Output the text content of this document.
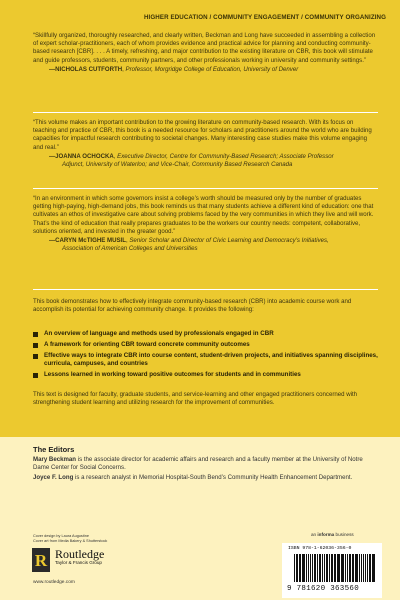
HIGHER EDUCATION / COMMUNITY ENGAGEMENT / COMMUNITY ORGANIZING

“Skillfully organized, thoroughly researched, and clearly written, Beckman and Long have succeeded in assembling a collection of expert scholar-practitioners, each of whom provides evidence and practical advice for planning and conducting community-based research [CBR]. . . . A timely, refreshing, and major contribution to the existing literature on CBR, this book will stimulate and guide professors, students, community partners, and other professionals working in university and community settings.”

—NICHOLAS CUTFORTH, Professor, Morgridge College of Education, University of Denver

“This volume makes an important contribution to the growing literature on community-based research. With its focus on teaching and practice of CBR, this book is a needed resource for scholars and practitioners around the world who are building capacities for impactful research contributing to societal changes. Many interesting case studies make this volume engaging and real.”

—JOANNA OCHOCKA, Executive Director, Centre for Community-Based Research; Associate Professor
Adjunct, University of Waterloo; and Vice-Chair, Community Based Research Canada

“In an environment in which some governors insist a college’s worth should be measured only by the number of graduates getting high-paying, high-demand jobs, this book reminds us that many students achieve a different kind of education: one that cultivates an ethos of investigative care about solving problems faced by the very communities in which they live and will work. That’s the kind of education that really prepares graduates to be the workers our country needs: competent, collaborative, solutions oriented, and invested in the greater good.”

—CARYN McTIGHE MUSIL, Senior Scholar and Director of Civic Learning and Democracy’s Initiatives,
Association of American Colleges and Universities

This book demonstrates how to effectively integrate community-based research (CBR) into academic course work and accomplish its potential for achieving community change. It provides the following:

An overview of language and methods used by professionals engaged in CBR
A framework for orienting CBR toward concrete community outcomes
Effective ways to integrate CBR into course content, student-driven projects, and initiatives spanning disciplines, curricula, campuses, and countries
Lessons learned in working toward positive outcomes for students and in communities

This text is designed for faculty, graduate students, and service-learning and other engaged practitioners concerned with strengthening student learning and utilizing research for the improvement of communities.

The Editors
Mary Beckman is the associate director for academic affairs and research and a faculty member at the University of Notre Dame Center for Social Concerns.
Joyce F. Long is a research analyst in Memorial Hospital-South Bend’s Community Health Enhancement Department.
Cover design by Laura Augustine
Cover art from Media Bakery & Shutterstock
R Routledge
Taylor & Francis Group
www.routledge.com
an informa business
ISBN 978-1-62036-356-0
9 781620 363560
